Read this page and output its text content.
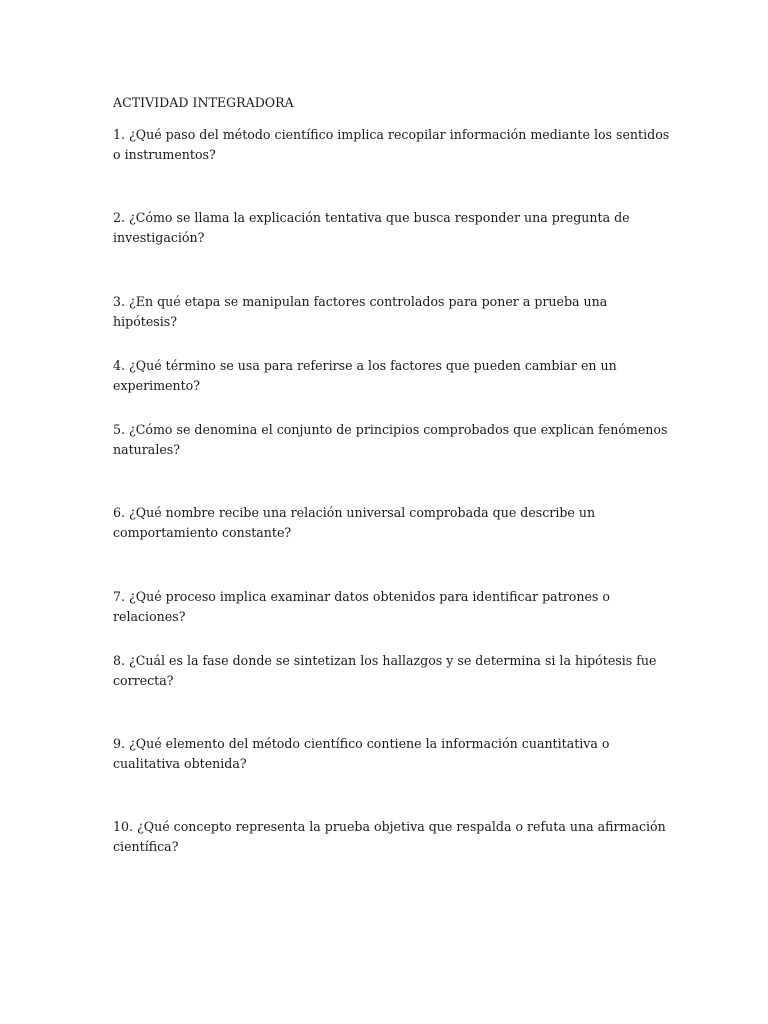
ACTIVIDAD INTEGRADORA

1. ¿Qué paso del método científico implica recopilar información mediante los sentidos o instrumentos?

2. ¿Cómo se llama la explicación tentativa que busca responder una pregunta de investigación?

3. ¿En qué etapa se manipulan factores controlados para poner a prueba una hipótesis?

4. ¿Qué término se usa para referirse a los factores que pueden cambiar en un experimento?

5. ¿Cómo se denomina el conjunto de principios comprobados que explican fenómenos naturales?

6. ¿Qué nombre recibe una relación universal comprobada que describe un comportamiento constante?

7. ¿Qué proceso implica examinar datos obtenidos para identificar patrones o relaciones?

8. ¿Cuál es la fase donde se sintetizan los hallazgos y se determina si la hipótesis fue correcta?

9. ¿Qué elemento del método científico contiene la información cuantitativa o cualitativa obtenida?

10. ¿Qué concepto representa la prueba objetiva que respalda o refuta una afirmación científica?
